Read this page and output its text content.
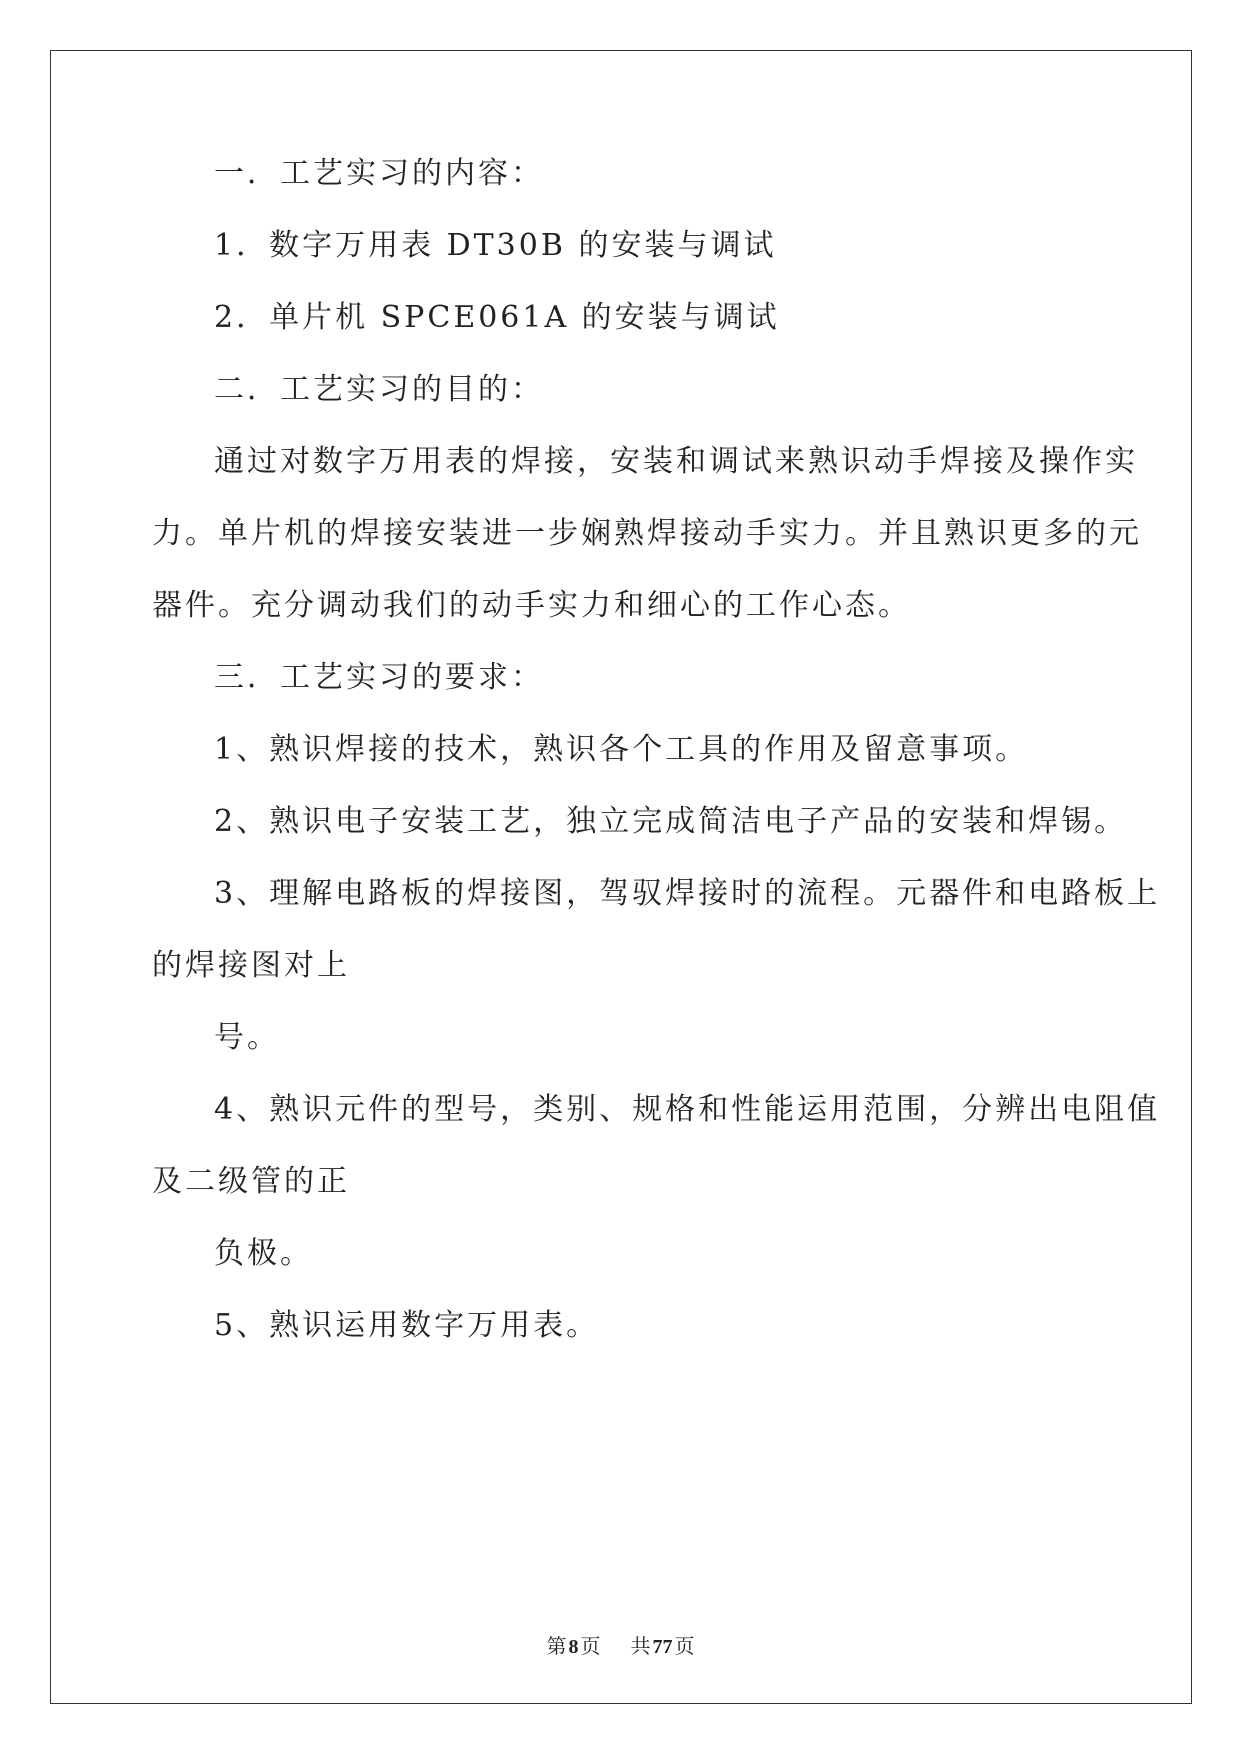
一．工艺实习的内容：
1．数字万用表 DT30B 的安装与调试
2．单片机 SPCE061A 的安装与调试
二．工艺实习的目的：
通过对数字万用表的焊接，安装和调试来熟识动手焊接及操作实
力。单片机的焊接安装进一步娴熟焊接动手实力。并且熟识更多的元
器件。充分调动我们的动手实力和细心的工作心态。
三．工艺实习的要求：
1、熟识焊接的技术，熟识各个工具的作用及留意事项。
2、熟识电子安装工艺，独立完成简洁电子产品的安装和焊锡。
3、理解电路板的焊接图，驾驭焊接时的流程。元器件和电路板上
的焊接图对上
号。
4、熟识元件的型号，类别、规格和性能运用范围，分辨出电阻值
及二级管的正
负极。
5、熟识运用数字万用表。
第 8 页 共 77 页
